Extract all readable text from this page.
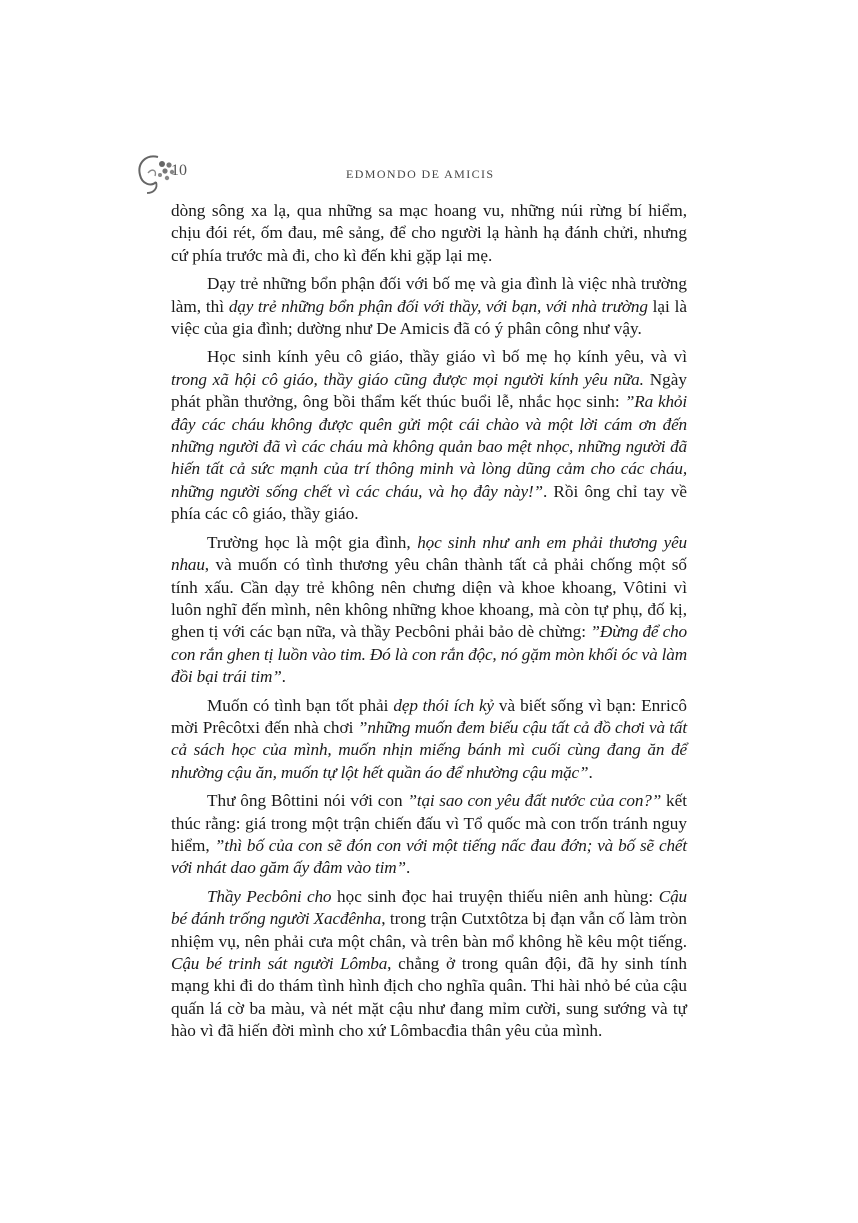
10	EDMONDO DE AMICIS

dòng sông xa lạ, qua những sa mạc hoang vu, những núi rừng bí hiểm, chịu đói rét, ốm đau, mê sảng, để cho người lạ hành hạ đánh chửi, nhưng cứ phía trước mà đi, cho kì đến khi gặp lại mẹ.

Dạy trẻ những bổn phận đối với bố mẹ và gia đình là việc nhà trường làm, thì dạy trẻ những bổn phận đối với thầy, với bạn, với nhà trường lại là việc của gia đình; dường như De Amicis đã có ý phân công như vậy.

Học sinh kính yêu cô giáo, thầy giáo vì bố mẹ họ kính yêu, và vì trong xã hội cô giáo, thầy giáo cũng được mọi người kính yêu nữa. Ngày phát phần thưởng, ông bồi thẩm kết thúc buổi lễ, nhắc học sinh: ”Ra khỏi đây các cháu không được quên gửi một cái chào và một lời cám ơn đến những người đã vì các cháu mà không quản bao mệt nhọc, những người đã hiến tất cả sức mạnh của trí thông minh và lòng dũng cảm cho các cháu, những người sống chết vì các cháu, và họ đây này!”. Rồi ông chỉ tay về phía các cô giáo, thầy giáo.

Trường học là một gia đình, học sinh như anh em phải thương yêu nhau, và muốn có tình thương yêu chân thành tất cả phải chống một số tính xấu. Cần dạy trẻ không nên chưng diện và khoe khoang, Vôtini vì luôn nghĩ đến mình, nên không những khoe khoang, mà còn tự phụ, đố kị, ghen tị với các bạn nữa, và thầy Pecbôni phải bảo dè chừng: ”Đừng để cho con rắn ghen tị luồn vào tim. Đó là con rắn độc, nó gặm mòn khối óc và làm đồi bại trái tim”.

Muốn có tình bạn tốt phải dẹp thói ích kỷ và biết sống vì bạn: Enricô mời Prêcôtxi đến nhà chơi ”những muốn đem biếu cậu tất cả đồ chơi và tất cả sách học của mình, muốn nhịn miếng bánh mì cuối cùng đang ăn để nhường cậu ăn, muốn tự lột hết quần áo để nhường cậu mặc”.

Thư ông Bôttini nói với con ”tại sao con yêu đất nước của con?” kết thúc rằng: giá trong một trận chiến đấu vì Tổ quốc mà con trốn tránh nguy hiểm, ”thì bố của con sẽ đón con với một tiếng nấc đau đớn; và bố sẽ chết với nhát dao găm ấy đâm vào tim”.

Thầy Pecbôni cho học sinh đọc hai truyện thiếu niên anh hùng: Cậu bé đánh trống người Xacđênha, trong trận Cutxtôtza bị đạn vẫn cố làm tròn nhiệm vụ, nên phải cưa một chân, và trên bàn mổ không hề kêu một tiếng. Cậu bé trinh sát người Lômba, chẳng ở trong quân đội, đã hy sinh tính mạng khi đi do thám tình hình địch cho nghĩa quân. Thi hài nhỏ bé của cậu quấn lá cờ ba màu, và nét mặt cậu như đang mỉm cười, sung sướng và tự hào vì đã hiến đời mình cho xứ Lômbacđia thân yêu của mình.
